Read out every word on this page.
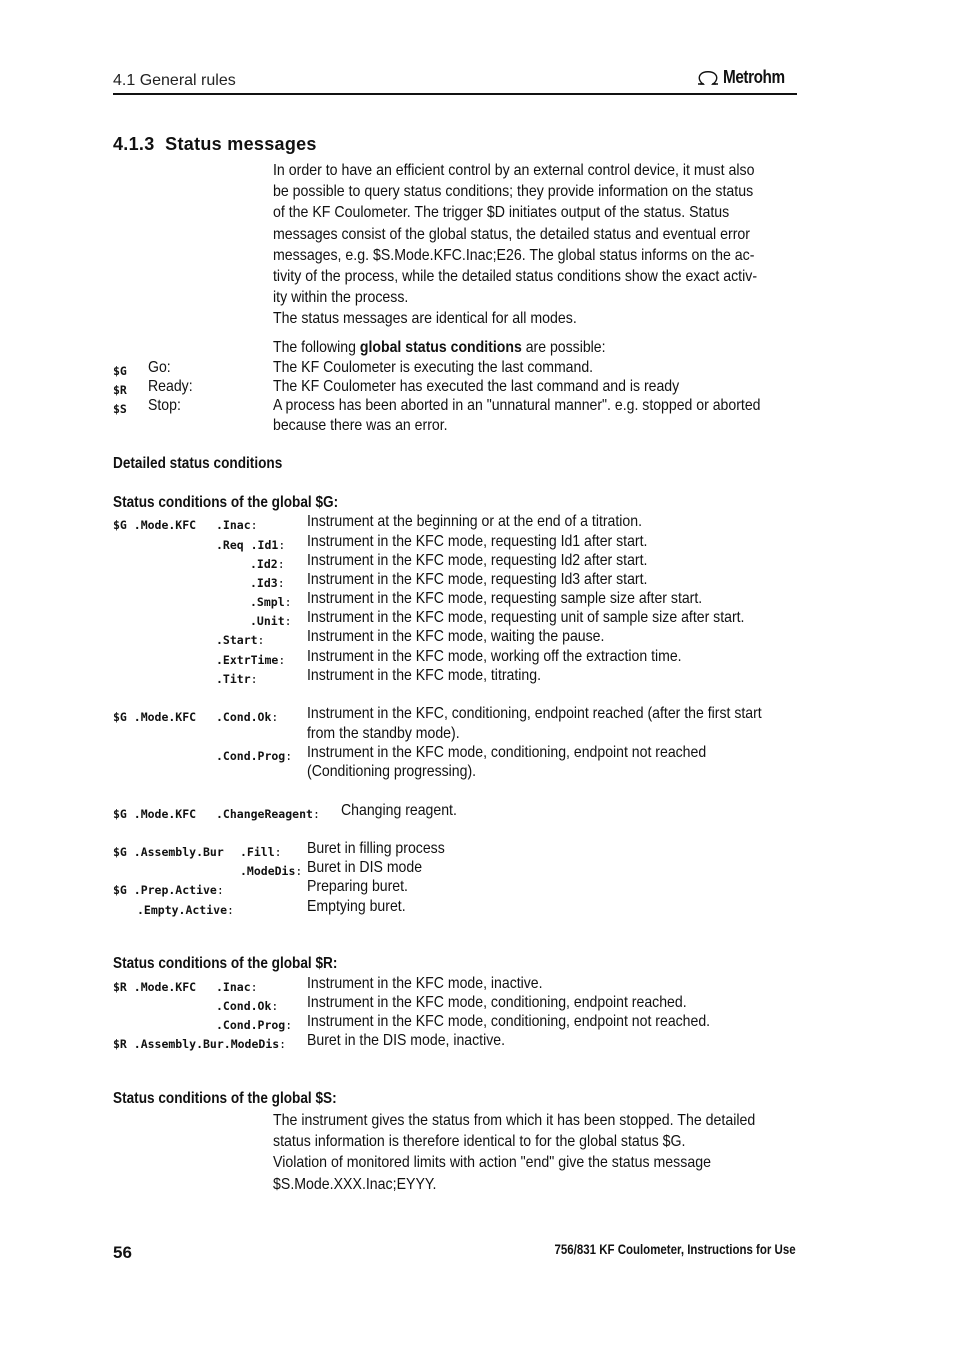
4.1 General rules	Metrohm
4.1.3 Status messages

In order to have an efficient control by an external control device, it must also

be possible to query status conditions; they provide information on the status

of the KF Coulometer. The trigger $D initiates output of the status. Status

messages consist of the global status, the detailed status and eventual error

messages, e.g. $S.Mode.KFC.Inac;E26. The global status informs on the ac-

tivity of the process, while the detailed status conditions show the exact activ-

ity within the process.

The status messages are identical for all modes.

The following global status conditions are possible:
$G Go:	The KF Coulometer is executing the last command.
$R Ready:	The KF Coulometer has executed the last command and is ready
$S Stop:	A process has been aborted in an "unnatural manner". e.g. stopped or aborted
because there was an error.
Detailed status conditions
Status conditions of the global $G:
$G .Mode.KFC .Inac:	Instrument at the beginning or at the end of a titration.
.Req .Id1: Instrument in the KFC mode, requesting Id1 after start.
.Id2: Instrument in the KFC mode, requesting Id2 after start.
.Id3: Instrument in the KFC mode, requesting Id3 after start.
.Smpl: Instrument in the KFC mode, requesting sample size after start.
.Unit: Instrument in the KFC mode, requesting unit of sample size after start.
.Start:	Instrument in the KFC mode, waiting the pause.
.ExtrTime: Instrument in the KFC mode, working off the extraction time.
.Titr:	Instrument in the KFC mode, titrating.
$G .Mode.KFC .Cond.Ok: Instrument in the KFC, conditioning, endpoint reached (after the first start
from the standby mode).
.Cond.Prog: Instrument in the KFC mode, conditioning, endpoint not reached
(Conditioning progressing).
$G .Mode.KFC .ChangeReagent: Changing reagent.
$G .Assembly.Bur .Fill: Buret in filling process
.ModeDis: Buret in DIS mode
$G .Prep.Active:	Preparing buret.
.Empty.Active:	Emptying buret.
Status conditions of the global $R:
$R .Mode.KFC .Inac:	Instrument in the KFC mode, inactive.
.Cond.Ok: Instrument in the KFC mode, conditioning, endpoint reached.
.Cond.Prog: Instrument in the KFC mode, conditioning, endpoint not reached.
$R .Assembly.Bur.ModeDis: Buret in the DIS mode, inactive.
Status conditions of the global $S:

The instrument gives the status from which it has been stopped. The detailed

status information is therefore identical to for the global status $G.

Violation of monitored limits with action "end" give the status message

$S.Mode.XXX.Inac;EYYY.

56	756/831 KF Coulometer, Instructions for Use
